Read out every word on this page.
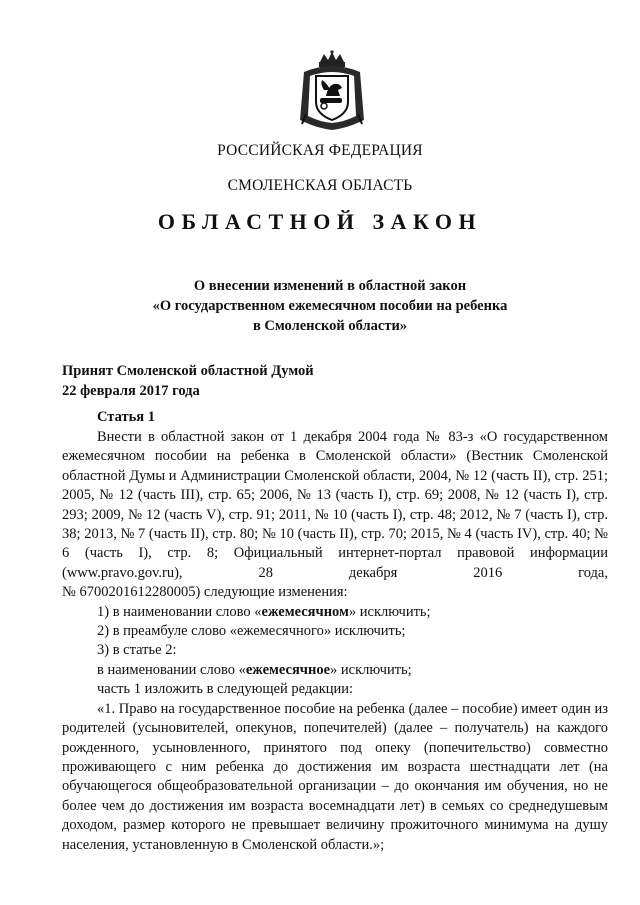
РОССИЙСКАЯ ФЕДЕРАЦИЯ
СМОЛЕНСКАЯ ОБЛАСТЬ
ОБЛАСТНОЙ ЗАКОН
О внесении изменений в областной закон
«О государственном ежемесячном пособии на ребенка
в Смоленской области»
Принят Смоленской областной Думой
22 февраля 2017 года
Статья 1

Внести в областной закон от 1 декабря 2004 года № 83-з «О государственном ежемесячном пособии на ребенка в Смоленской области» (Вестник Смоленской областной Думы и Администрации Смоленской области, 2004, № 12 (часть II), стр. 251; 2005, № 12 (часть III), стр. 65; 2006, № 13 (часть I), стр. 69; 2008, № 12 (часть I), стр. 293; 2009, № 12 (часть V), стр. 91; 2011, № 10 (часть I), стр. 48; 2012, № 7 (часть I), стр. 38; 2013, № 7 (часть II), стр. 80; № 10 (часть II), стр. 70; 2015, № 4 (часть IV), стр. 40; № 6 (часть I), стр. 8; Официальный интернет-портал правовой информации (www.pravo.gov.ru), 28 декабря 2016 года,

№ 6700201612280005) следующие изменения:

1) в наименовании слово «ежемесячном» исключить;

2) в преамбуле слово «ежемесячного» исключить;

3) в статье 2:

в наименовании слово «ежемесячное» исключить;

часть 1 изложить в следующей редакции:

«1. Право на государственное пособие на ребенка (далее – пособие) имеет один из родителей (усыновителей, опекунов, попечителей) (далее – получатель) на каждого рожденного, усыновленного, принятого под опеку (попечительство) совместно проживающего с ним ребенка до достижения им возраста шестнадцати лет (на обучающегося общеобразовательной организации – до окончания им обучения, но не более чем до достижения им возраста восемнадцати лет) в семьях со среднедушевым доходом, размер которого не превышает величину прожиточного минимума на душу населения, установленную в Смоленской области.»;
